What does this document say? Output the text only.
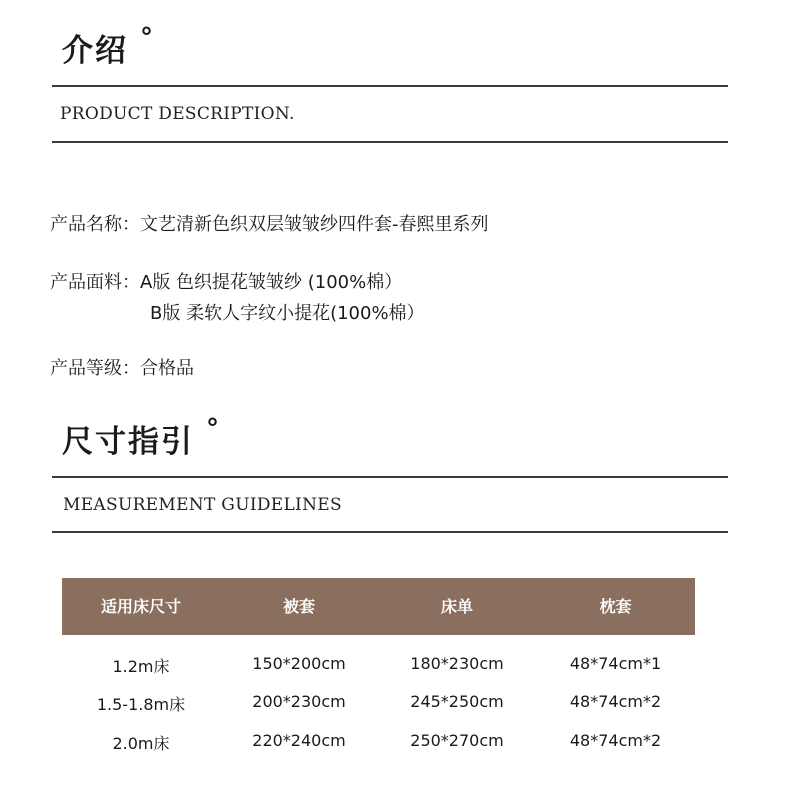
介绍 °
PRODUCT DESCRIPTION.
产品名称：文艺清新色织双层皱皱纱四件套-春熙里系列
产品面料：A版 色织提花皱皱纱 (100%棉）
B版 柔软人字纹小提花(100%棉）
产品等级：合格品
尺寸指引 °
MEASUREMENT GUIDELINES
适用床尺寸	被套	床单	枕套
1.2m床	150*200cm	180*230cm	48*74cm*1
1.5-1.8m床	200*230cm	245*250cm	48*74cm*2
2.0m床	220*240cm	250*270cm	48*74cm*2
